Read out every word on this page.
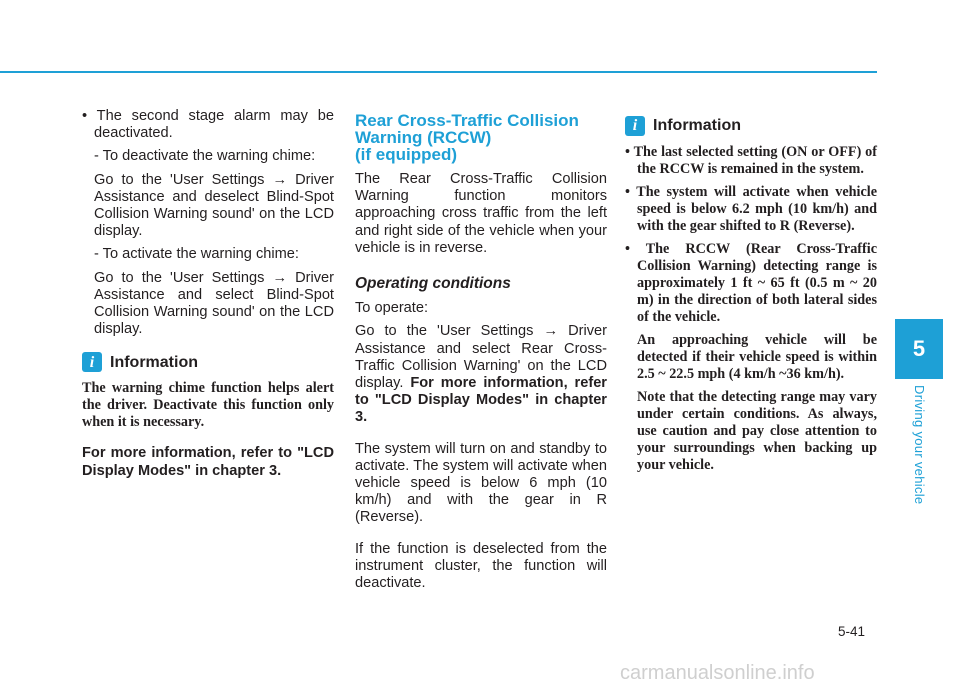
• The second stage alarm may be deactivated.

- To deactivate the warning chime:

Go to the 'User Settings → Driver Assistance and deselect Blind-Spot Collision Warning sound' on the LCD display.

- To activate the warning chime:

Go to the 'User Settings → Driver Assistance and select Blind-Spot Collision Warning sound' on the LCD display.

i Information

The warning chime function helps alert the driver. Deactivate this function only when it is necessary.

For more information, refer to "LCD Display Modes" in chapter 3.

Rear Cross-Traffic Collision
Warning (RCCW)
(if equipped)

The Rear Cross-Traffic Collision Warning function monitors approaching cross traffic from the left and right side of the vehicle when your vehicle is in reverse.

Operating conditions

To operate:

Go to the 'User Settings → Driver Assistance and select Rear Cross-Traffic Collision Warning' on the LCD display. For more information, refer to "LCD Display Modes" in chapter 3.

The system will turn on and standby to activate. The system will activate when vehicle speed is below 6 mph (10 km/h) and with the gear in R (Reverse).

If the function is deselected from the instrument cluster, the function will deactivate.

i Information

• The last selected setting (ON or OFF) of the RCCW is remained in the system.

• The system will activate when vehicle speed is below 6.2 mph (10 km/h) and with the gear shifted to R (Reverse).

• The RCCW (Rear Cross-Traffic Collision Warning) detecting range is approximately 1 ft ~ 65 ft (0.5 m ~ 20 m) in the direction of both lateral sides of the vehicle.

An approaching vehicle will be detected if their vehicle speed is within 2.5 ~ 22.5 mph (4 km/h ~36 km/h).

Note that the detecting range may vary under certain conditions. As always, use caution and pay close attention to your surroundings when backing up your vehicle.

5
Driving your vehicle
5-41
carmanualsonline.info
